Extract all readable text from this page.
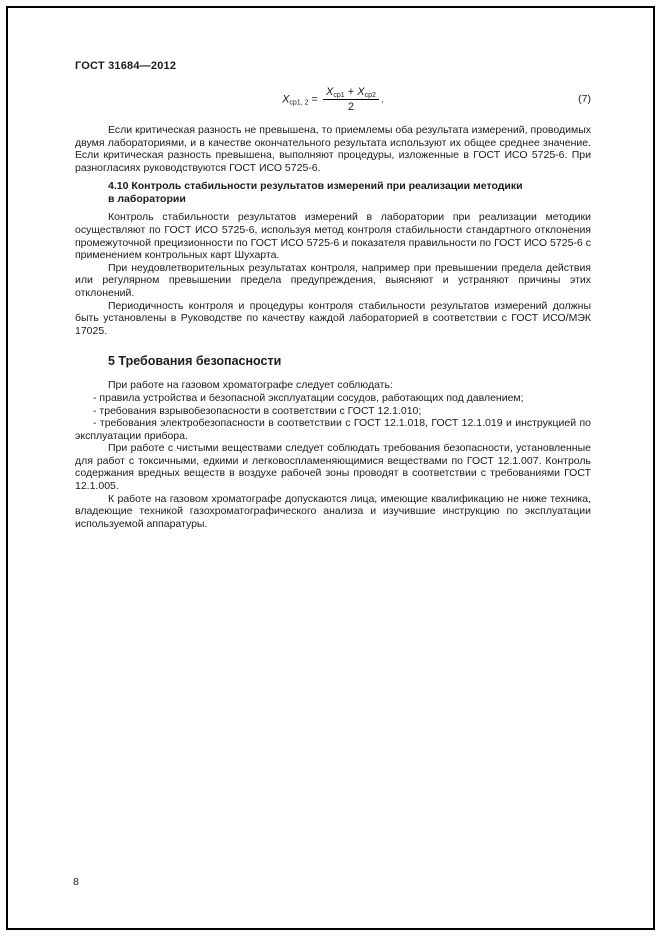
ГОСТ 31684—2012
$X_{ср1, 2} = \frac{X_{ср1} + X_{ср2}}{2}$ .	(7)

Если критическая разность не превышена, то приемлемы оба результата измерений, проводимых двумя лабораториями, и в качестве окончательного результата используют их общее среднее значение. Если критическая разность превышена, выполняют процедуры, изложенные в ГОСТ ИСО 5725-6. При разногласиях руководствуются ГОСТ ИСО 5725-6.

4.10 Контроль стабильности результатов измерений при реализации методики
в лаборатории

Контроль стабильности результатов измерений в лаборатории при реализации методики осуществляют по ГОСТ ИСО 5725-6, используя метод контроля стабильности стандартного отклонения промежуточной прецизионности по ГОСТ ИСО 5725-6 и показателя правильности по ГОСТ ИСО 5725-6 с применением контрольных карт Шухарта.

При неудовлетворительных результатах контроля, например при превышении предела действия или регулярном превышении предела предупреждения, выясняют и устраняют причины этих отклонений.

Периодичность контроля и процедуры контроля стабильности результатов измерений должны быть установлены в Руководстве по качеству каждой лабораторией в соответствии с ГОСТ ИСО/МЭК 17025.

5 Требования безопасности

При работе на газовом хроматографе следует соблюдать:

- правила устройства и безопасной эксплуатации сосудов, работающих под давлением;

- требования взрывобезопасности в соответствии с ГОСТ 12.1.010;

- требования электробезопасности в соответствии с ГОСТ 12.1.018, ГОСТ 12.1.019 и инструкцией по эксплуатации прибора.

При работе с чистыми веществами следует соблюдать требования безопасности, установленные для работ с токсичными, едкими и легковоспламеняющимися веществами по ГОСТ 12.1.007. Контроль содержания вредных веществ в воздухе рабочей зоны проводят в соответствии с требованиями ГОСТ 12.1.005.

К работе на газовом хроматографе допускаются лица, имеющие квалификацию не ниже техника, владеющие техникой газохроматографического анализа и изучившие инструкцию по эксплуатации используемой аппаратуры.

8
